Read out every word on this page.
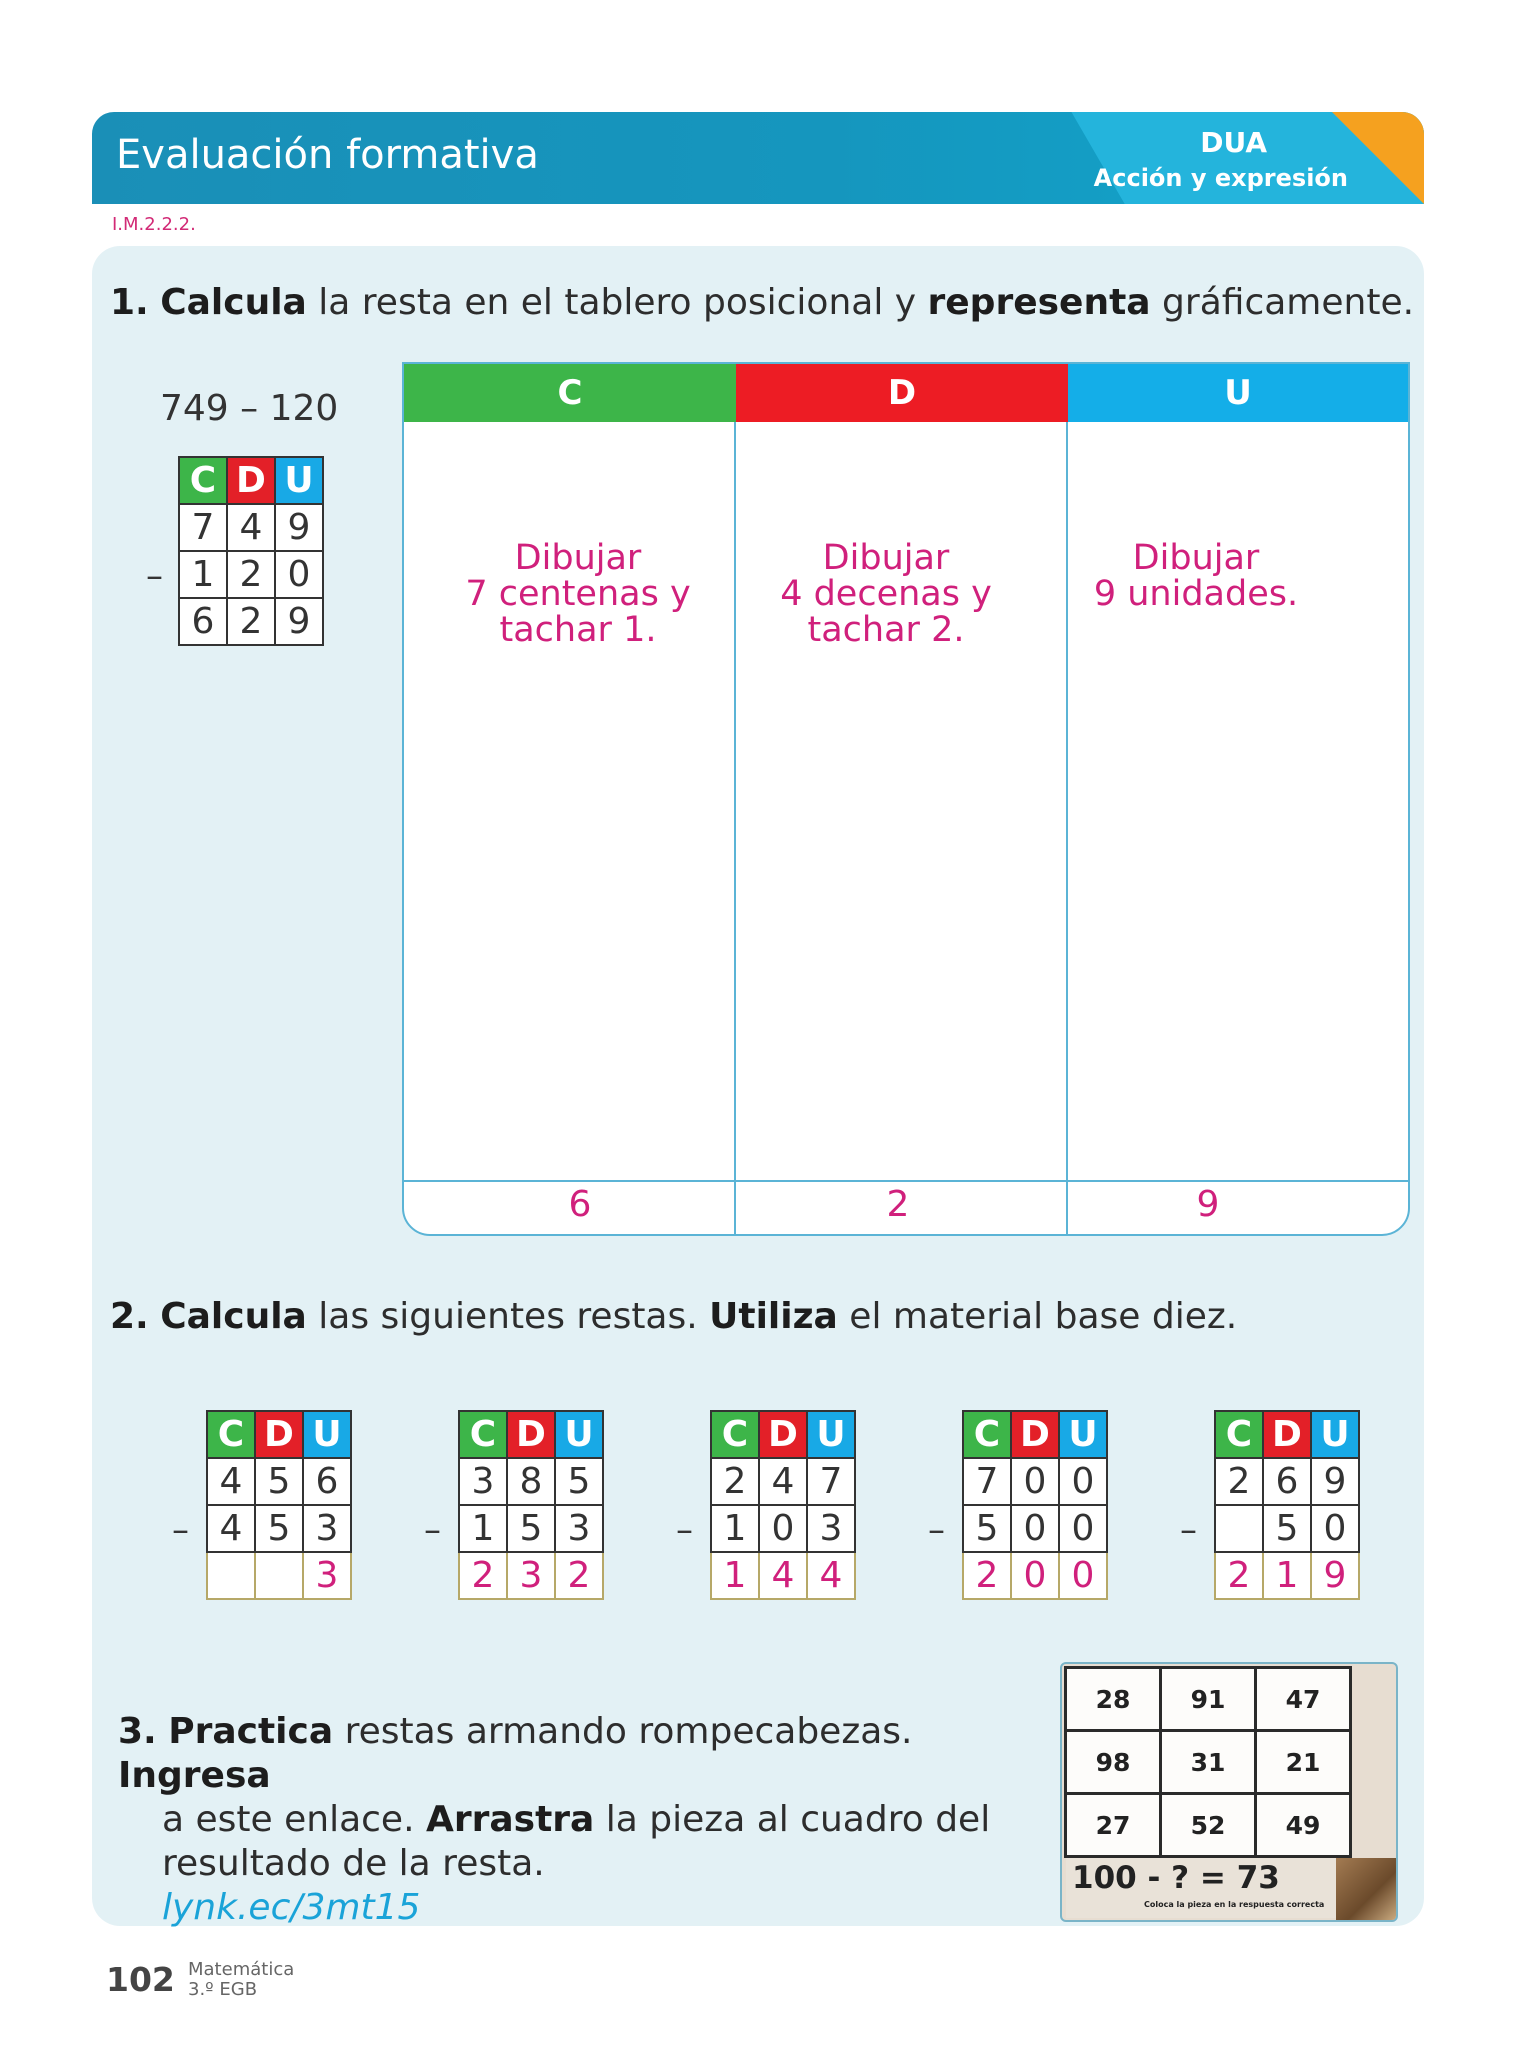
Evaluación formativa	DUA
Acción y expresión
I.M.2.2.2.
1. Calcula la resta en el tablero posicional y representa gráficamente.
749 – 120
–
C	D	U
7	4	9
1	2	0
6	2	9
C	D	U
Dibujar
7 centenas y
tachar 1.
Dibujar
4 decenas y
tachar 2.
Dibujar
9 unidades.
6	2	9
2. Calcula las siguientes restas. Utiliza el material base diez.
–
C	D	U
4	5	6
4	5	3
		3
–
C	D	U
3	8	5
1	5	3
2	3	2
–
C	D	U
2	4	7
1	0	3
1	4	4
–
C	D	U
7	0	0
5	0	0
2	0	0
–
C	D	U
2	6	9
	5	0
2	1	9
3. Practica restas armando rompecabezas. Ingresa
a este enlace. Arrastra la pieza al cuadro del
resultado de la resta.
lynk.ec/3mt15
28	91	47
98	31	21
27	52	49
100 - ? = 73
Coloca la pieza en la respuesta correcta
102 Matemática
3.º EGB
